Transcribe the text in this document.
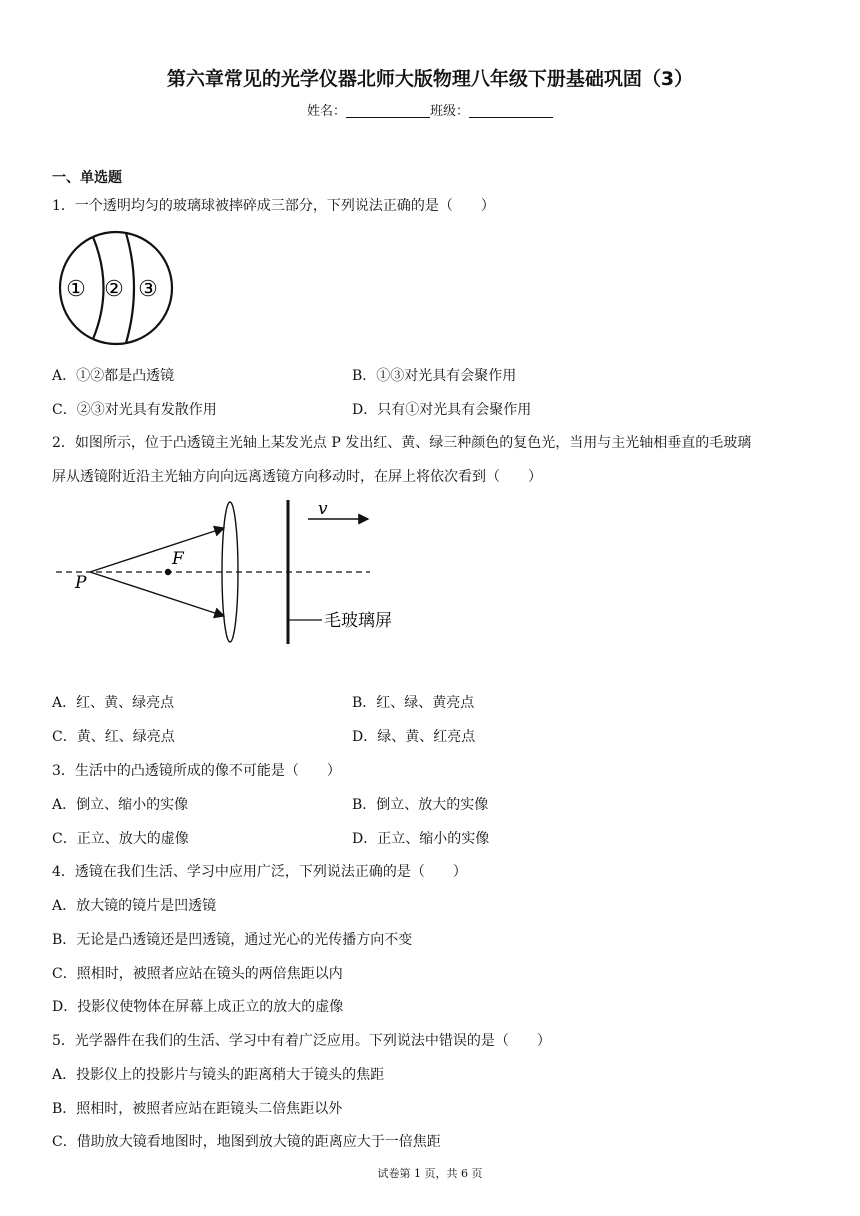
第六章常见的光学仪器北师大版物理八年级下册基础巩固（3）
姓名：	班级：
一、单选题
1．一个透明均匀的玻璃球被摔碎成三部分，下列说法正确的是（　　）
① ② ③
A．①②都是凸透镜	B．①③对光具有会聚作用
C．②③对光具有发散作用	D．只有①对光具有会聚作用
2．如图所示，位于凸透镜主光轴上某发光点 P 发出红、黄、绿三种颜色的复色光，当用与主光轴相垂直的毛玻璃
屏从透镜附近沿主光轴方向向远离透镜方向移动时，在屏上将依次看到（　　）
F
P
v
毛玻璃屏
A．红、黄、绿亮点	B．红、绿、黄亮点
C．黄、红、绿亮点	D．绿、黄、红亮点
3．生活中的凸透镜所成的像不可能是（　　）
A．倒立、缩小的实像	B．倒立、放大的实像
C．正立、放大的虚像	D．正立、缩小的实像
4．透镜在我们生活、学习中应用广泛，下列说法正确的是（　　）
A．放大镜的镜片是凹透镜
B．无论是凸透镜还是凹透镜，通过光心的光传播方向不变
C．照相时，被照者应站在镜头的两倍焦距以内
D．投影仪使物体在屏幕上成正立的放大的虚像
5．光学器件在我们的生活、学习中有着广泛应用。下列说法中错误的是（　　）
A．投影仪上的投影片与镜头的距离稍大于镜头的焦距
B．照相时，被照者应站在距镜头二倍焦距以外
C．借助放大镜看地图时，地图到放大镜的距离应大于一倍焦距
试卷第 1 页，共 6 页
